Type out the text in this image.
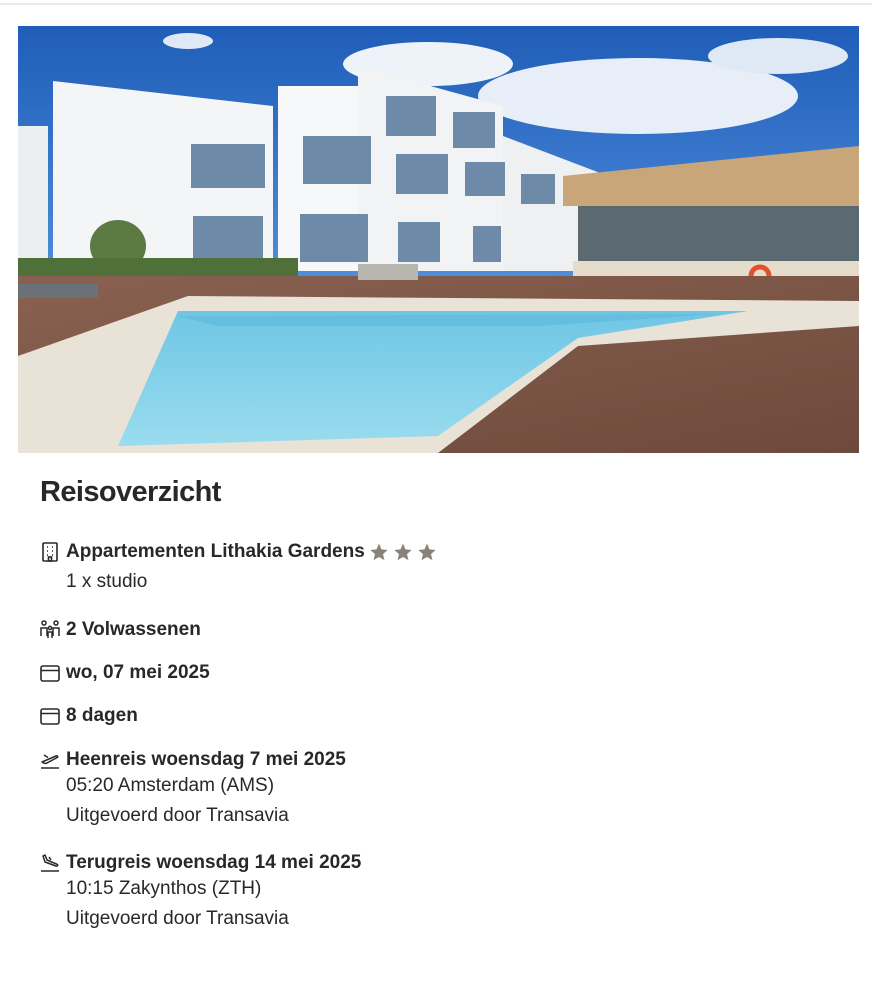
Reisoverzicht
Appartementen Lithakia Gardens
1 x studio
2 Volwassenen
wo, 07 mei 2025
8 dagen
Heenreis woensdag 7 mei 2025
05:20 Amsterdam (AMS)
Uitgevoerd door Transavia
Terugreis woensdag 14 mei 2025
10:15 Zakynthos (ZTH)
Uitgevoerd door Transavia
